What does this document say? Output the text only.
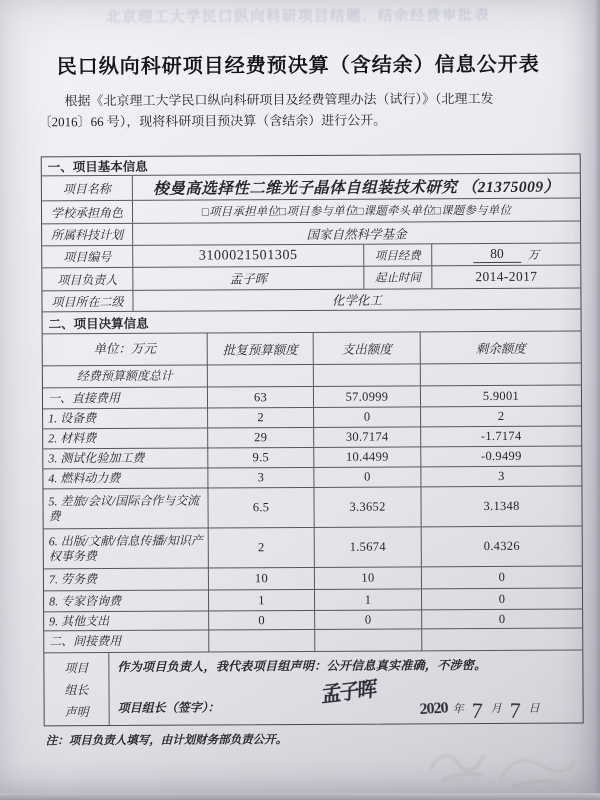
北京理工大学民口纵向科研项目结题、结余经费审批表
民口纵向科研项目经费预决算（含结余）信息公开表
根据《北京理工大学民口纵向科研项目及经费管理办法（试行）》（北理工发
〔2016〕66 号），现将科研项目预决算（含结余）进行公开。
一、项目基本信息
项目名称	梭曼高选择性二维光子晶体自组装技术研究 （21375009）
学校承担角色	□项目承担单位□项目参与单位□课题牵头单位□课题参与单位
所属科技计划	国家自然科学基金
项目编号	3100021501305	项目经费	80	万
项目负责人	孟子晖	起止时间	2014-2017
项目所在二级	化学化工
二、项目决算信息
单位：万元	批复预算额度	支出额度	剩余额度
经费预算额度总计
一、直接费用	63	57.0999	5.9001
1. 设备费	2	0	2
2. 材料费	29	30.7174	-1.7174
3. 测试化验加工费	9.5	10.4499	-0.9499
4. 燃料动力费	3	0	3
5. 差旅/会议/国际合作与交流费
6.5	3.3652	3.1348
6. 出版/文献/信息传播/知识产权事务费
2	1.5674	0.4326
7. 劳务费	10	10	0
8. 专家咨询费	1	1	0
9. 其他支出	0	0	0
二、间接费用
项目
组长
声明
作为项目负责人，我代表项目组声明：公开信息真实准确，不涉密。
项目组长（签字）：
孟子晖
2020 年 7 月 7 日
注：项目负责人填写，由计划财务部负责公开。
